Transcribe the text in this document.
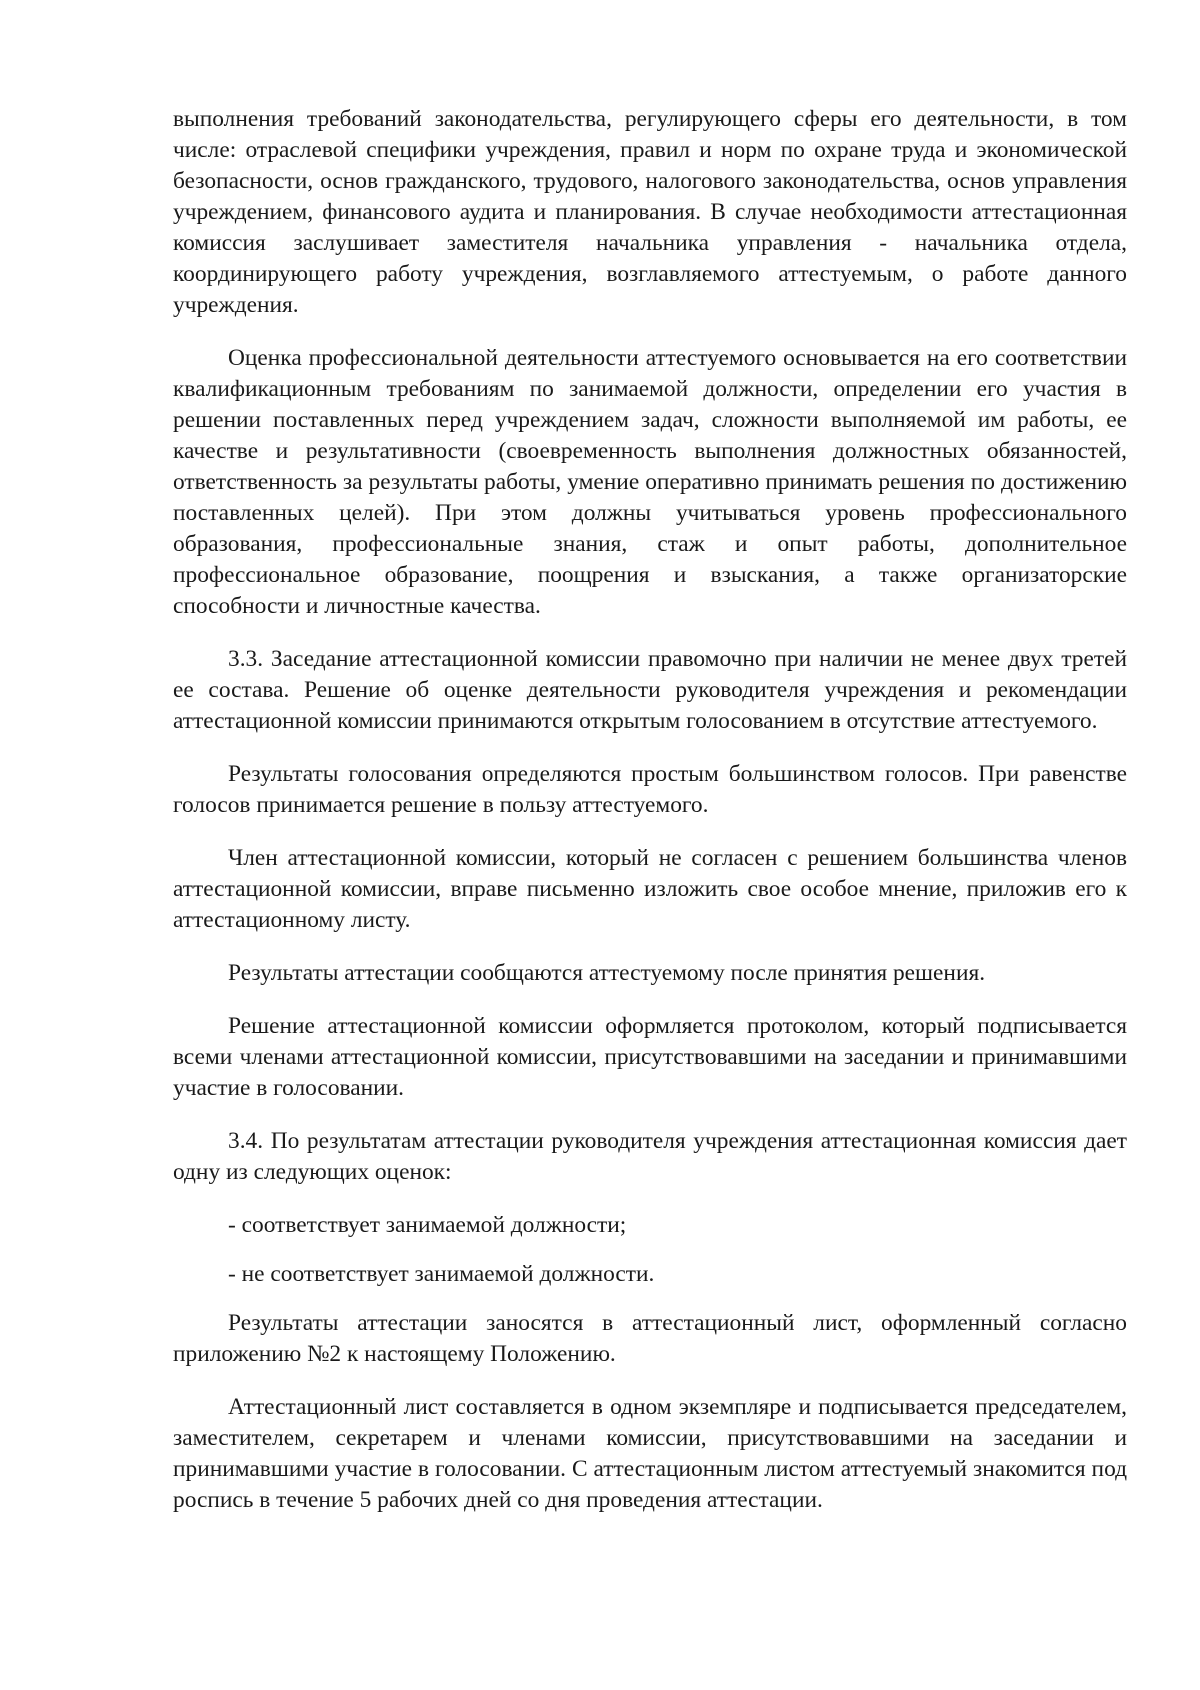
выполнения требований законодательства, регулирующего сферы его деятельности, в том числе: отраслевой специфики учреждения, правил и норм по охране труда и экономической безопасности, основ гражданского, трудового, налогового законодательства, основ управления учреждением, финансового аудита и планирования. В случае необходимости аттестационная комиссия заслушивает заместителя начальника управления - начальника отдела, координирующего работу учреждения, возглавляемого аттестуемым, о работе данного учреждения.

Оценка профессиональной деятельности аттестуемого основывается на его соответствии квалификационным требованиям по занимаемой должности, определении его участия в решении поставленных перед учреждением задач, сложности выполняемой им работы, ее качестве и результативности (своевременность выполнения должностных обязанностей, ответственность за результаты работы, умение оперативно принимать решения по достижению поставленных целей). При этом должны учитываться уровень профессионального образования, профессиональные знания, стаж и опыт работы, дополнительное профессиональное образование, поощрения и взыскания, а также организаторские способности и личностные качества.

3.3. Заседание аттестационной комиссии правомочно при наличии не менее двух третей ее состава. Решение об оценке деятельности руководителя учреждения и рекомендации аттестационной комиссии принимаются открытым голосованием в отсутствие аттестуемого.

Результаты голосования определяются простым большинством голосов. При равенстве голосов принимается решение в пользу аттестуемого.

Член аттестационной комиссии, который не согласен с решением большинства членов аттестационной комиссии, вправе письменно изложить свое особое мнение, приложив его к аттестационному листу.

Результаты аттестации сообщаются аттестуемому после принятия решения.

Решение аттестационной комиссии оформляется протоколом, который подписывается всеми членами аттестационной комиссии, присутствовавшими на заседании и принимавшими участие в голосовании.

3.4. По результатам аттестации руководителя учреждения аттестационная комиссия дает одну из следующих оценок:

- соответствует занимаемой должности;

- не соответствует занимаемой должности.

Результаты аттестации заносятся в аттестационный лист, оформленный согласно приложению №2 к настоящему Положению.

Аттестационный лист составляется в одном экземпляре и подписывается председателем, заместителем, секретарем и членами комиссии, присутствовавшими на заседании и принимавшими участие в голосовании. С аттестационным листом аттестуемый знакомится под роспись в течение 5 рабочих дней со дня проведения аттестации.
